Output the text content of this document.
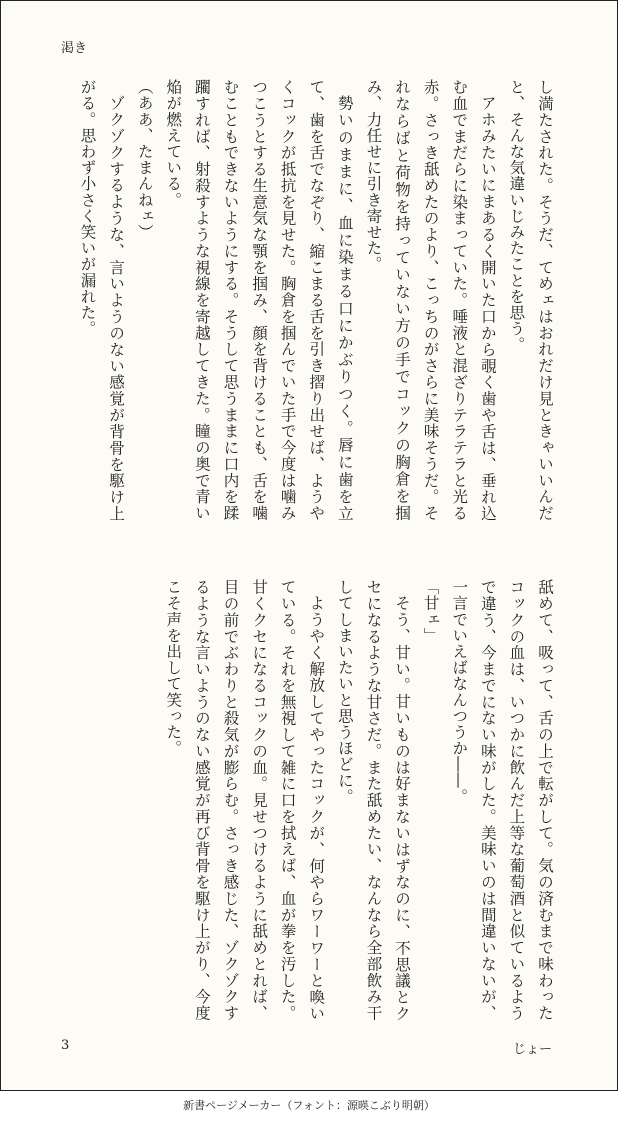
渇き
し満たされた。そうだ、てめェはおれだけ見ときゃいいんだと、そんな気違いじみたことを思う。
アホみたいにまあるく開いた口から覗く歯や舌は、垂れ込む血でまだらに染まっていた。唾液と混ざりテラテラと光る赤。さっき舐めたのより、こっちのがさらに美味そうだ。それならばと荷物を持っていない方の手でコックの胸倉を掴み、力任せに引き寄せた。
勢いのままに、血に染まる口にかぶりつく。唇に歯を立て、歯を舌でなぞり、縮こまる舌を引き摺り出せば、ようやくコックが抵抗を見せた。胸倉を掴んでいた手で今度は噛みつこうとする生意気な顎を掴み、顔を背けることも、舌を噛むこともできないようにする。そうして思うままに口内を蹂躙すれば、射殺すような視線を寄越してきた。瞳の奥で青い焔が燃えている。
（ああ、たまんねェ）
ゾクゾクするような、言いようのない感覚が背骨を駆け上がる。思わず小さく笑いが漏れた。
舐めて、吸って、舌の上で転がして。気の済むまで味わったコックの血は、いつかに飲んだ上等な葡萄酒と似ているようで違う、今までにない味がした。美味いのは間違いないが、一言でいえばなんつうか――。
「甘ェ」
そう、甘い。甘いものは好まないはずなのに、不思議とクセになるような甘さだ。また舐めたい、なんなら全部飲み干してしまいたいと思うほどに。
ようやく解放してやったコックが、何やらワーワーと喚いている。それを無視して雑に口を拭えば、血が拳を汚した。甘くクセになるコックの血。見せつけるように舐めとれば、目の前でぶわりと殺気が膨らむ。さっき感じた、ゾクゾクするような言いようのない感覚が再び背骨を駆け上がり、今度こそ声を出して笑った。
3	じょー
新書ページメーカー（フォント：源暎こぶり明朝）
